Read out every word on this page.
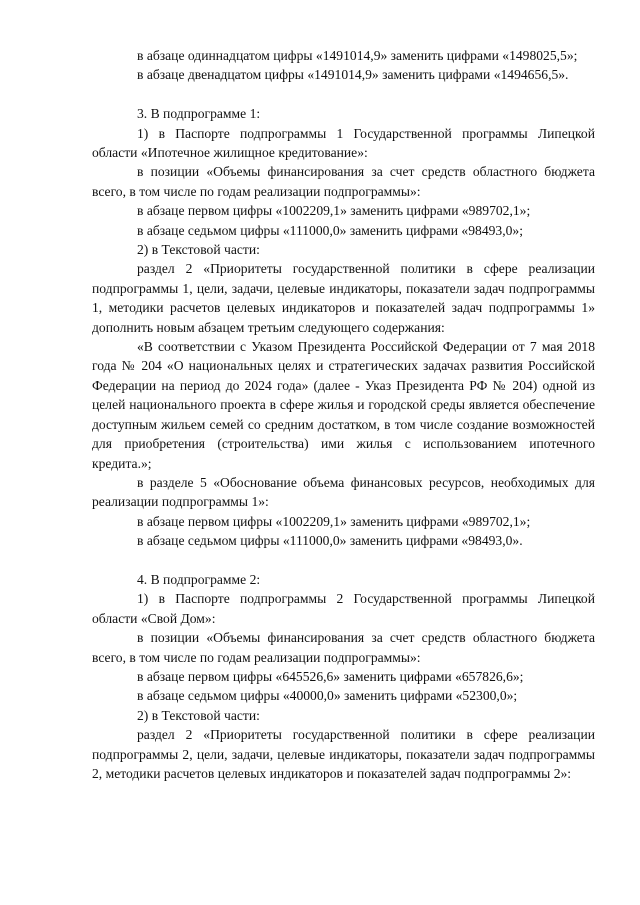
в абзаце одиннадцатом цифры «1491014,9» заменить цифрами «1498025,5»;

в абзаце двенадцатом цифры «1491014,9» заменить цифрами «1494656,5».

3. В подпрограмме 1:

1) в Паспорте подпрограммы 1 Государственной программы Липецкой области «Ипотечное жилищное кредитование»:

в позиции «Объемы финансирования за счет средств областного бюджета всего, в том числе по годам реализации подпрограммы»:

в абзаце первом цифры «1002209,1» заменить цифрами «989702,1»;

в абзаце седьмом цифры «111000,0» заменить цифрами «98493,0»;

2) в Текстовой части:

раздел 2 «Приоритеты государственной политики в сфере реализации подпрограммы 1, цели, задачи, целевые индикаторы, показатели задач подпрограммы 1, методики расчетов целевых индикаторов и показателей задач подпрограммы 1» дополнить новым абзацем третьим следующего содержания:

«В соответствии с Указом Президента Российской Федерации от 7 мая 2018 года № 204 «О национальных целях и стратегических задачах развития Российской Федерации на период до 2024 года» (далее - Указ Президента РФ № 204) одной из целей национального проекта в сфере жилья и городской среды является обеспечение доступным жильем семей со средним достатком, в том числе создание возможностей для приобретения (строительства) ими жилья с использованием ипотечного кредита.»;

в разделе 5 «Обоснование объема финансовых ресурсов, необходимых для реализации подпрограммы 1»:

в абзаце первом цифры «1002209,1» заменить цифрами «989702,1»;

в абзаце седьмом цифры «111000,0» заменить цифрами «98493,0».

4. В подпрограмме 2:

1) в Паспорте подпрограммы 2 Государственной программы Липецкой области «Свой Дом»:

в позиции «Объемы финансирования за счет средств областного бюджета всего, в том числе по годам реализации подпрограммы»:

в абзаце первом цифры «645526,6» заменить цифрами «657826,6»;

в абзаце седьмом цифры «40000,0» заменить цифрами «52300,0»;

2) в Текстовой части:

раздел 2 «Приоритеты государственной политики в сфере реализации подпрограммы 2, цели, задачи, целевые индикаторы, показатели задач подпрограммы 2, методики расчетов целевых индикаторов и показателей задач подпрограммы 2»:
